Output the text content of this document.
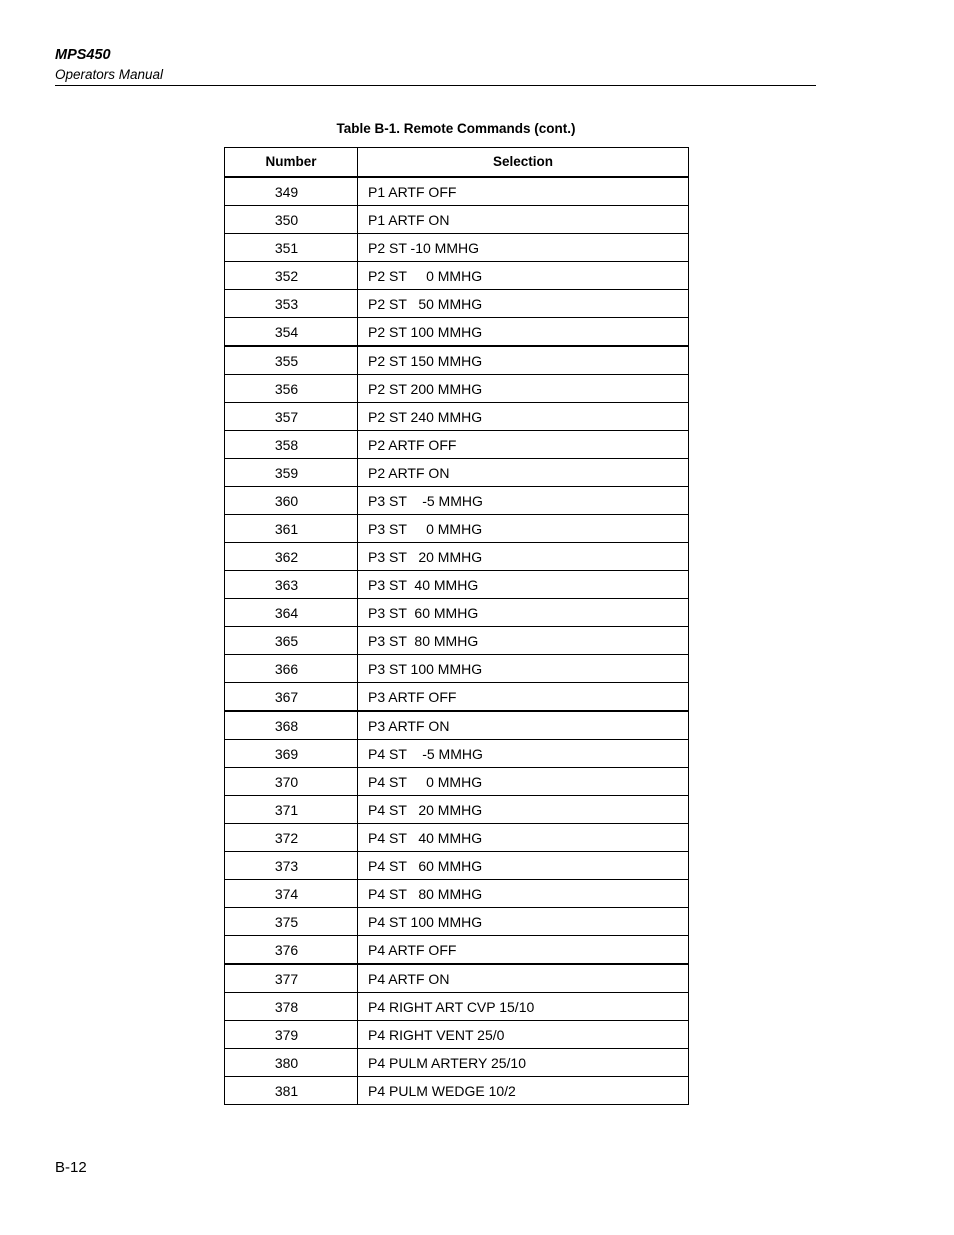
MPS450
Operators Manual
Table B-1. Remote Commands (cont.)
Number	Selection
349	P1 ARTF OFF
350	P1 ARTF ON
351	P2 ST -10 MMHG
352	P2 ST     0 MMHG
353	P2 ST   50 MMHG
354	P2 ST 100 MMHG
355	P2 ST 150 MMHG
356	P2 ST 200 MMHG
357	P2 ST 240 MMHG
358	P2 ARTF OFF
359	P2 ARTF ON
360	P3 ST    -5 MMHG
361	P3 ST     0 MMHG
362	P3 ST   20 MMHG
363	P3 ST  40 MMHG
364	P3 ST  60 MMHG
365	P3 ST  80 MMHG
366	P3 ST 100 MMHG
367	P3 ARTF OFF
368	P3 ARTF ON
369	P4 ST    -5 MMHG
370	P4 ST     0 MMHG
371	P4 ST   20 MMHG
372	P4 ST   40 MMHG
373	P4 ST   60 MMHG
374	P4 ST   80 MMHG
375	P4 ST 100 MMHG
376	P4 ARTF OFF
377	P4 ARTF ON
378	P4 RIGHT ART CVP 15/10
379	P4 RIGHT VENT 25/0
380	P4 PULM ARTERY 25/10
381	P4 PULM WEDGE 10/2
B-12
